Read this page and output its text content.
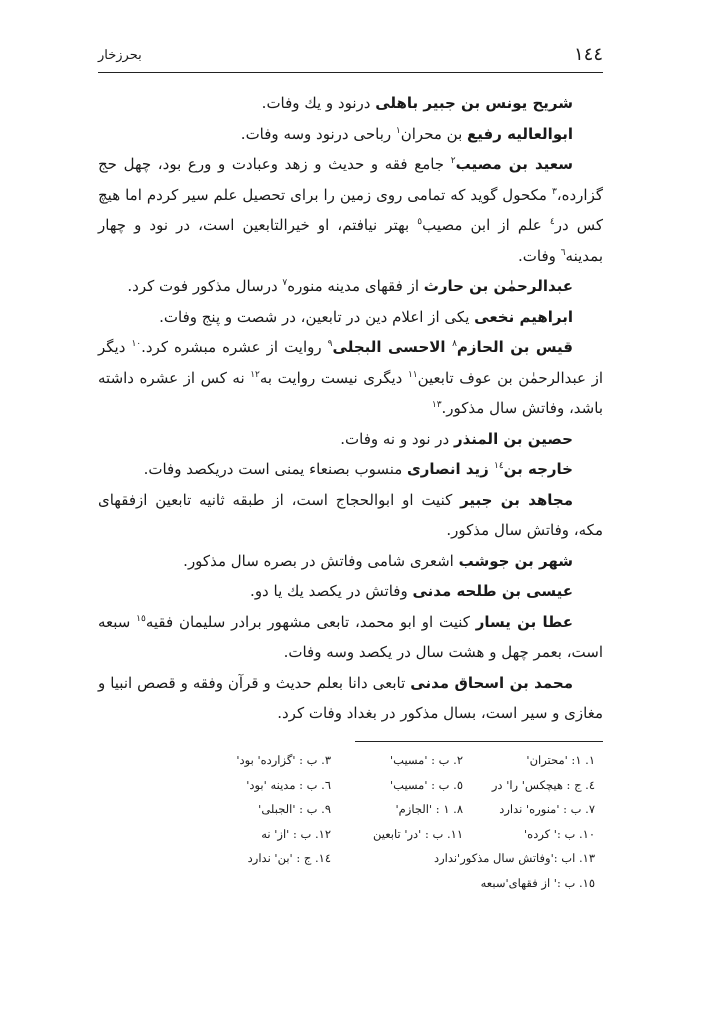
١٤٤
بحرزخار

شریح یونس بن جبیر باهلی درنود و یك وفات.

ابوالعالیه رفیع بن محران$^١$ رباحی درنود وسه وفات.

سعید بن مصیب$^٢$ جامع فقه و حدیث و زهد وعبادت و ورع بود، چهل حج گزارده،$^٣$ مکحول گوید که تمامی روی زمین را برای تحصیل علم سیر کردم اما هیچ کس در$^٤$ علم از ابن مصیب$^٥$ بهتر نیافتم، او خیرالتابعین است، در نود و چهار بمدینه$^٦$ وفات.

عبدالرحمٰن بن حارث از فقهای مدینه منوره$^٧$ درسال مذکور فوت کرد.

ابراهیم نخعی یکی از اعلام دین در تابعین، در شصت و پنج وفات.

قیس بن الحازم$^٨$ الاحسی البجلی$^٩$ روایت از عشره مبشره کرد.$^{١٠}$ دیگر از عبدالرحمٰن بن عوف تابعین$^{١١}$ دیگری نیست روایت به$^{١٢}$ نه کس از عشره داشته باشد، وفاتش سال مذکور.$^{١٣}$

حصین بن المنذر در نود و نه وفات.

خارجه بن$^{١٤}$ زید انصاری منسوب بصنعاء یمنی است دریکصد وفات.

مجاهد بن جبیر کنیت او ابوالحجاج است، از طبقه ثانیه تابعین ازفقهای مکه، وفاتش سال مذکور.

شهر بن جوشب اشعری شامی وفاتش در بصره سال مذکور.

عیسی بن طلحه مدنی وفاتش در یکصد یك یا دو.

عطا بن یسار کنیت او ابو محمد، تابعی مشهور برادر سلیمان فقیه$^{١٥}$ سبعه است، بعمر چهل و هشت سال در یکصد وسه وفات.

محمد بن اسحاق مدنی تابعی دانا بعلم حدیث و قرآن وفقه و قصص انبیا و مغازی و سیر است، بسال مذکور در بغداد وفات کرد.

١. ١: 'محتران'
٢. ب : 'مسیب'
٣. ب : 'گزارده' بود'
٤. ج : هیچکس' را' در
٥. ب : 'مسیب'
٦. ب : مدینه 'بود'
٧. ب : 'منوره' ندارد
٨. ١ : 'الجازم'
٩. ب : 'الجبلی'
١٠. ب :' کرده'
١١. ب : 'در' تابعین
١٢. ب : 'از' نه
١٣. اب :'وفاتش سال مذکور'ندارد
١٤. ج : 'بن' ندارد
١٥. ب :' از فقهای'سبعه
